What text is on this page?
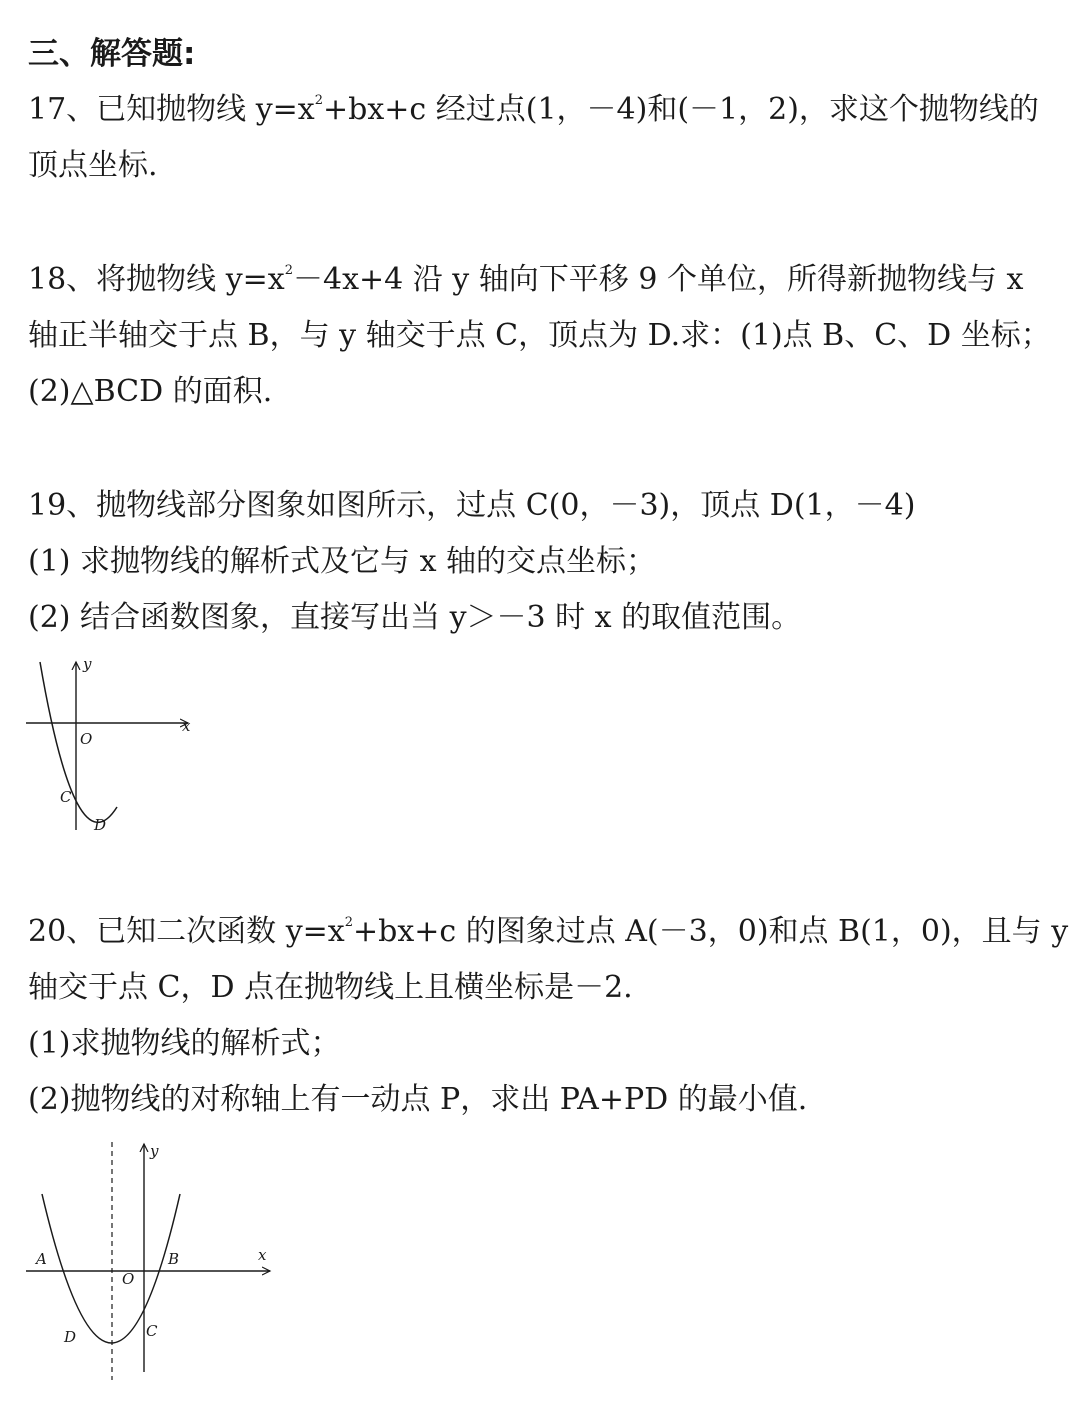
三、解答题:

17、已知抛物线 $y=x^2+bx+c$ 经过点(1，－4)和(－1，2)，求这个抛物线的

顶点坐标.

18、将抛物线 $y=x^2-4x+4$ 沿 y 轴向下平移 9 个单位，所得新抛物线与 x

轴正半轴交于点 B，与 y 轴交于点 C，顶点为 D.求：(1)点 B、C、D 坐标；

(2)△BCD 的面积.

19、抛物线部分图象如图所示，过点 C(0，－3)，顶点 D(1，－4)

(1) 求抛物线的解析式及它与 x 轴的交点坐标；

(2) 结合函数图象，直接写出当 y＞－3 时 x 的取值范围。

y
x
O
C
D

20、已知二次函数 $y=x^2+bx+c$ 的图象过点 A(－3，0)和点 B(1，0)，且与 y

轴交于点 C，D 点在抛物线上且横坐标是－2.

(1)求抛物线的解析式；

(2)抛物线的对称轴上有一动点 P，求出 PA+PD 的最小值.

y
x
A	B
O
C
D
